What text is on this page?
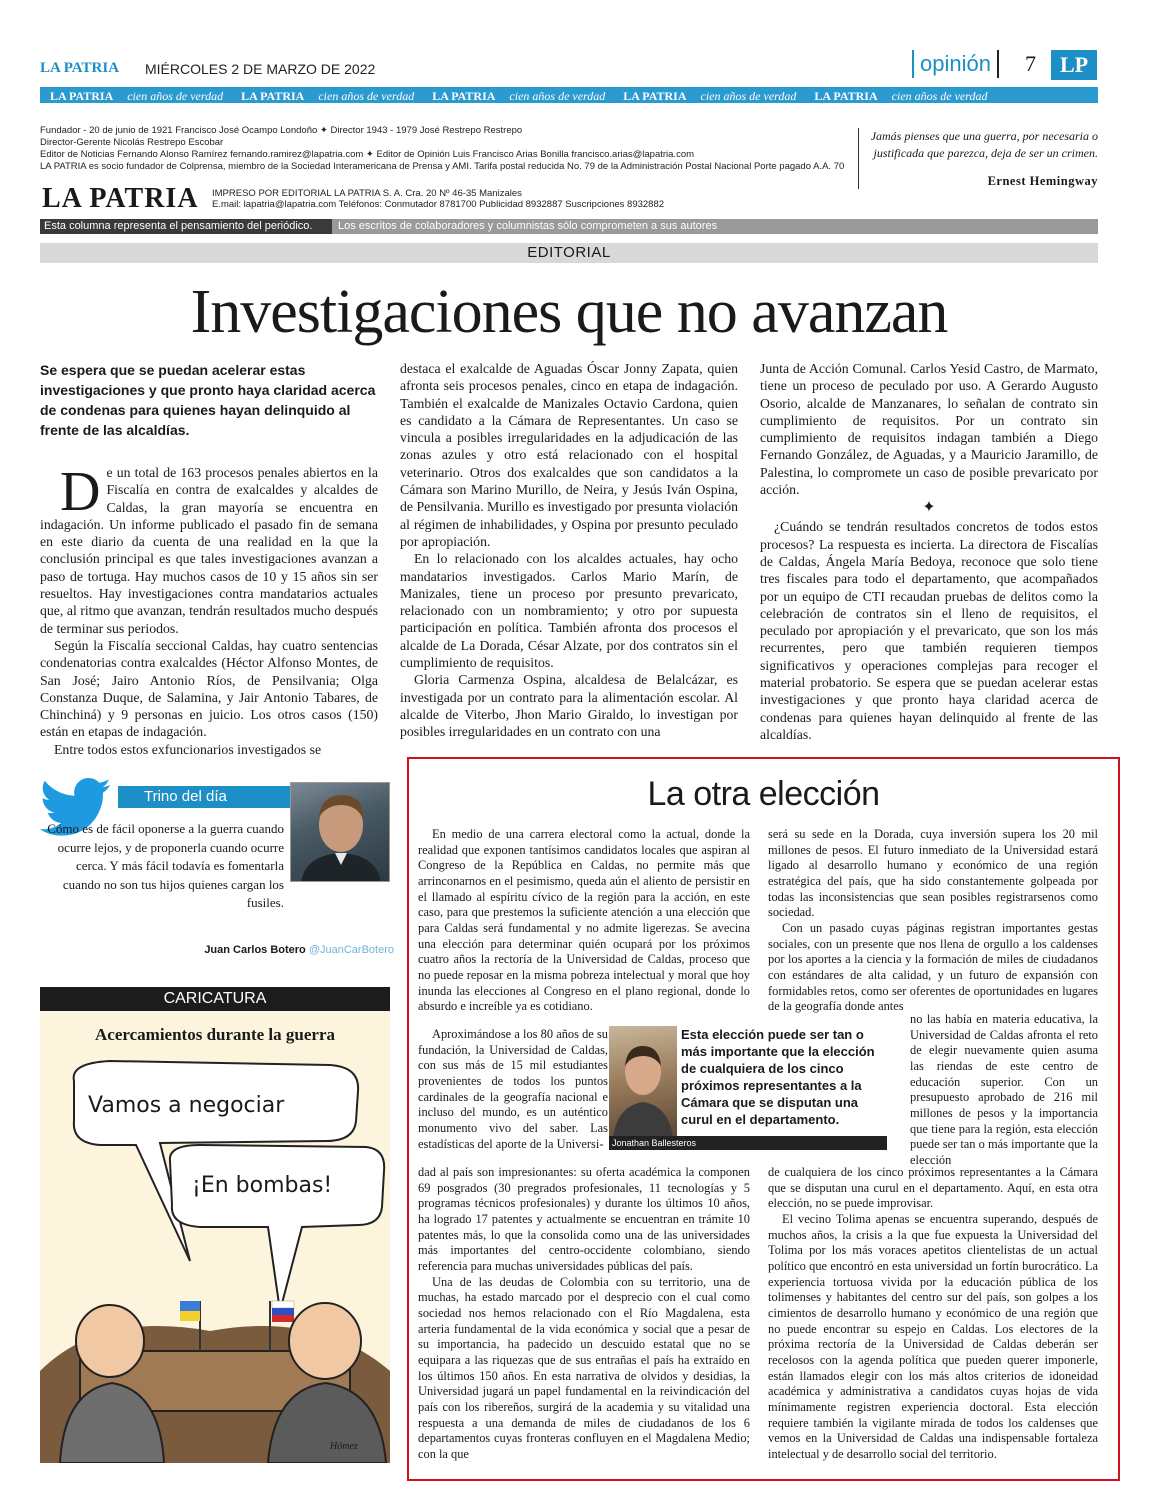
LA PATRIA MIÉRCOLES 2 DE MARZO DE 2022	opinión	7	LP
LA PATRIA cien años de verdad LA PATRIA cien años de verdad LA PATRIA cien años de verdad LA PATRIA cien años de verdad LA PATRIA cien años de verdad
Fundador - 20 de junio de 1921 Francisco José Ocampo Londoño ✦ Director 1943 - 1979 José Restrepo Restrepo
Director-Gerente Nicolás Restrepo Escobar
Editor de Noticias Fernando Alonso Ramírez fernando.ramirez@lapatria.com ✦ Editor de Opinión Luis Francisco Arias Bonilla francisco.arias@lapatria.com
LA PATRIA es socio fundador de Colprensa, miembro de la Sociedad Interamericana de Prensa y AMI. Tarifa postal reducida No. 79 de la Administración Postal Nacional Porte pagado A.A. 70
LA PATRIA IMPRESO POR EDITORIAL LA PATRIA S. A. Cra. 20 Nº 46-35 Manizales
E.mail: lapatria@lapatria.com Teléfonos: Conmutador 8781700 Publicidad 8932887 Suscripciones 8932882
Jamás pienses que una guerra, por necesaria o justificada que parezca, deja de ser un crimen.
Ernest Hemingway
Esta columna representa el pensamiento del periódico.	Los escritos de colaboradores y columnistas sólo comprometen a sus autores
EDITORIAL
Investigaciones que no avanzan
Se espera que se puedan acelerar estas investigaciones y que pronto haya claridad acerca de condenas para quienes hayan delinquido al frente de las alcaldías.

De un total de 163 procesos penales abiertos en la Fiscalía en contra de exalcaldes y alcaldes de Caldas, la gran mayoría se encuentra en indagación. Un informe publicado el pasado fin de semana en este diario da cuenta de una realidad en la que la conclusión principal es que tales investigaciones avanzan a paso de tortuga. Hay muchos casos de 10 y 15 años sin ser resueltos. Hay investigaciones contra mandatarios actuales que, al ritmo que avanzan, tendrán resultados mucho después de terminar sus periodos.

Según la Fiscalía seccional Caldas, hay cuatro sentencias condenatorias contra exalcaldes (Héctor Alfonso Montes, de San José; Jairo Antonio Ríos, de Pensilvania; Olga Constanza Duque, de Salamina, y Jair Antonio Tabares, de Chinchiná) y 9 personas en juicio. Los otros casos (150) están en etapas de indagación.

Entre todos estos exfuncionarios investigados se

destaca el exalcalde de Aguadas Óscar Jonny Zapata, quien afronta seis procesos penales, cinco en etapa de indagación. También el exalcalde de Manizales Octavio Cardona, quien es candidato a la Cámara de Representantes. Un caso se vincula a posibles irregularidades en la adjudicación de las zonas azules y otro está relacionado con el hospital veterinario. Otros dos exalcaldes que son candidatos a la Cámara son Marino Murillo, de Neira, y Jesús Iván Ospina, de Pensilvania. Murillo es investigado por presunta violación al régimen de inhabilidades, y Ospina por presunto peculado por apropiación.

En lo relacionado con los alcaldes actuales, hay ocho mandatarios investigados. Carlos Mario Marín, de Manizales, tiene un proceso por presunto prevaricato, relacionado con un nombramiento; y otro por supuesta participación en política. También afronta dos procesos el alcalde de La Dorada, César Alzate, por dos contratos sin el cumplimiento de requisitos.

Gloria Carmenza Ospina, alcaldesa de Belalcázar, es investigada por un contrato para la alimentación escolar. Al alcalde de Viterbo, Jhon Mario Giraldo, lo investigan por posibles irregularidades en un contrato con una

Junta de Acción Comunal. Carlos Yesid Castro, de Marmato, tiene un proceso de peculado por uso. A Gerardo Augusto Osorio, alcalde de Manzanares, lo señalan de contrato sin cumplimiento de requisitos. Por un contrato sin cumplimiento de requisitos indagan también a Diego Fernando González, de Aguadas, y a Mauricio Jaramillo, de Palestina, lo compromete un caso de posible prevaricato por acción.

✦

¿Cuándo se tendrán resultados concretos de todos estos procesos? La respuesta es incierta. La directora de Fiscalías de Caldas, Ángela María Bedoya, reconoce que solo tiene tres fiscales para todo el departamento, que acompañados por un equipo de CTI recaudan pruebas de delitos como la celebración de contratos sin el lleno de requisitos, el peculado por apropiación y el prevaricato, que son los más recurrentes, pero que también requieren tiempos significativos y operaciones complejas para recoger el material probatorio. Se espera que se puedan acelerar estas investigaciones y que pronto haya claridad acerca de condenas para quienes hayan delinquido al frente de las alcaldías.

Trino del día
Cómo es de fácil oponerse a la guerra cuando ocurre lejos, y de proponerla cuando ocurre cerca. Y más fácil todavía es fomentarla cuando no son tus hijos quienes cargan los fusiles.
Juan Carlos Botero @JuanCarBotero
CARICATURA
Acercamientos durante la guerra
Vamos a negociar
¡En bombas!
Hómez
La otra elección

En medio de una carrera electoral como la actual, donde la realidad que exponen tantísimos candidatos locales que aspiran al Congreso de la República en Caldas, no permite más que arrinconarnos en el pesimismo, queda aún el aliento de persistir en el llamado al espíritu cívico de la región para la acción, en este caso, para que prestemos la suficiente atención a una elección que para Caldas será fundamental y no admite ligerezas. Se avecina una elección para determinar quién ocupará por los próximos cuatro años la rectoría de la Universidad de Caldas, proceso que no puede reposar en la misma pobreza intelectual y moral que hoy inunda las elecciones al Congreso en el plano regional, donde lo absurdo e increíble ya es cotidiano.

Aproximándose a los 80 años de su fundación, la Universidad de Caldas, con sus más de 15 mil estudiantes provenientes de todos los puntos cardinales de la geografía nacional e incluso del mundo, es un auténtico monumento vivo del saber. Las estadísticas del aporte de la Universi-

dad al país son impresionantes: su oferta académica la componen 69 posgrados (30 pregrados profesionales, 11 tecnologías y 5 programas técnicos profesionales) y durante los últimos 10 años, ha logrado 17 patentes y actualmente se encuentran en trámite 10 patentes más, lo que la consolida como una de las universidades más importantes del centro-occidente colombiano, siendo referencia para muchas universidades públicas del país.

Una de las deudas de Colombia con su territorio, una de muchas, ha estado marcado por el desprecio con el cual como sociedad nos hemos relacionado con el Río Magdalena, esta arteria fundamental de la vida económica y social que a pesar de su importancia, ha padecido un descuido estatal que no se equipara a las riquezas que de sus entrañas el país ha extraído en los últimos 150 años. En esta narrativa de olvidos y desidias, la Universidad jugará un papel fundamental en la reivindicación del país con los ribereños, surgirá de la academia y su vitalidad una respuesta a una demanda de miles de ciudadanos de los 6 departamentos cuyas fronteras confluyen en el Magdalena Medio; con la que

Esta elección puede ser tan o más importante que la elección de cualquiera de los cinco próximos representantes a la Cámara que se disputan una curul en el departamento.
Jonathan Ballesteros

será su sede en la Dorada, cuya inversión supera los 20 mil millones de pesos. El futuro inmediato de la Universidad estará ligado al desarrollo humano y económico de una región estratégica del país, que ha sido constantemente golpeada por todas las inconsistencias que sean posibles registrarsenos como sociedad.

Con un pasado cuyas páginas registran importantes gestas sociales, con un presente que nos llena de orgullo a los caldenses por los aportes a la ciencia y la formación de miles de ciudadanos con estándares de alta calidad, y un futuro de expansión con formidables retos, como ser oferentes de oportunidades en lugares de la geografía donde antes

no las había en materia educativa, la Universidad de Caldas afronta el reto de elegir nuevamente quien asuma las riendas de este centro de educación superior. Con un presupuesto aprobado de 216 mil millones de pesos y la importancia que tiene para la región, esta elección puede ser tan o más importante que la elección

de cualquiera de los cinco próximos representantes a la Cámara que se disputan una curul en el departamento. Aquí, en esta otra elección, no se puede improvisar.

El vecino Tolima apenas se encuentra superando, después de muchos años, la crisis a la que fue expuesta la Universidad del Tolima por los más voraces apetitos clientelistas de un actual político que encontró en esta universidad un fortín burocrático. La experiencia tortuosa vivida por la educación pública de los tolimenses y habitantes del centro sur del país, son golpes a los cimientos de desarrollo humano y económico de una región que no puede encontrar su espejo en Caldas. Los electores de la próxima rectoría de la Universidad de Caldas deberán ser recelosos con la agenda política que pueden querer imponerle, están llamados elegir con los más altos criterios de idoneidad académica y administrativa a candidatos cuyas hojas de vida mínimamente registren experiencia doctoral. Esta elección requiere también la vigilante mirada de todos los caldenses que vemos en la Universidad de Caldas una indispensable fortaleza intelectual y de desarrollo social del territorio.
